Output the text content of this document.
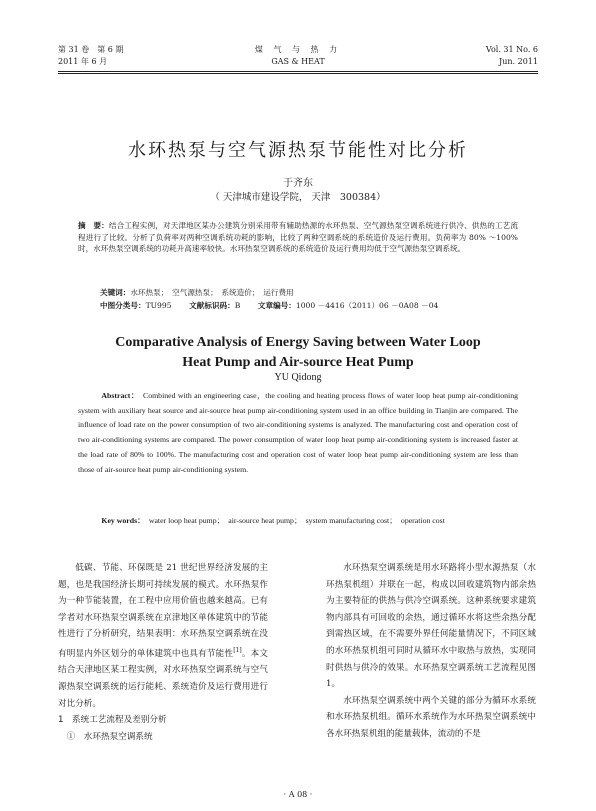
第 31 卷　第 6 期
2011 年 6 月
煤 气 与 热 力
GAS & HEAT
Vol. 31 No. 6
Jun. 2011
水环热泵与空气源热泵节能性对比分析
于齐东
（ 天津城市建设学院， 天津　300384）
摘　要：结合工程实例，对天津地区某办公建筑分别采用带有辅助热源的水环热泵、空气源热泵空调系统进行供冷、供热的工艺流程进行了比较。分析了负荷率对两种空调系统功耗的影响，比较了两种空调系统的系统造价及运行费用。负荷率为 80% ～100% 时，水环热泵空调系统的功耗升高速率较快。水环热泵空调系统的系统造价及运行费用均低于空气源热泵空调系统。
关键词：水环热泵；　空气源热泵；　系统造价；　运行费用
中图分类号：TU995    文献标识码：B    文章编号：1000 －4416（2011）06 －0A08 －04
Comparative Analysis of Energy Saving between Water Loop
Heat Pump and Air-source Heat Pump
YU Qidong
   Abstract：  Combined with an engineering case，the cooling and heating process flows of water loop heat pump air-conditioning system with auxiliary heat source and air-source heat pump air-conditioning system used in an office building in Tianjin are compared. The influence of load rate on the power consumption of two air-conditioning systems is analyzed. The manufacturing cost and operation cost of two air-conditioning systems are compared. The power consumption of water loop heat pump air-conditioning system is increased faster at the load rate of 80% to 100%. The manufacturing cost and operation cost of water loop heat pump air-conditioning system are less than those of air-source heat pump air-conditioning system.
   Key words：  water loop heat pump；　air-source heat pump；　system manufacturing cost；　operation cost

低碳、节能、环保既是 21 世纪世界经济发展的主题，也是我国经济长期可持续发展的模式。水环热泵作为一种节能装置，在工程中应用价值也越来越高。已有学者对水环热泵空调系统在京津地区单体建筑中的节能性进行了分析研究，结果表明：水环热泵空调系统在没有明显内外区划分的单体建筑中也具有节能性[1]。本文结合天津地区某工程实例，对水环热泵空调系统与空气源热泵空调系统的运行能耗、系统造价及运行费用进行对比分析。

1　系统工艺流程及差别分析

①　水环热泵空调系统

水环热泵空调系统是用水环路将小型水源热泵（水环热泵机组）并联在一起，构成以回收建筑物内部余热为主要特征的供热与供冷空调系统。这种系统要求建筑物内部具有可回收的余热，通过循环水将这些余热分配到需热区域，在不需要外界任何能量情况下，不同区域的水环热泵机组可同时从循环水中取热与放热，实现同时供热与供冷的效果。水环热泵空调系统工艺流程见图 1。

水环热泵空调系统中两个关键的部分为循环水系统和水环热泵机组。循环水系统作为水环热泵空调系统中各水环热泵机组的能量载体，流动的不是

· A 08 ·
